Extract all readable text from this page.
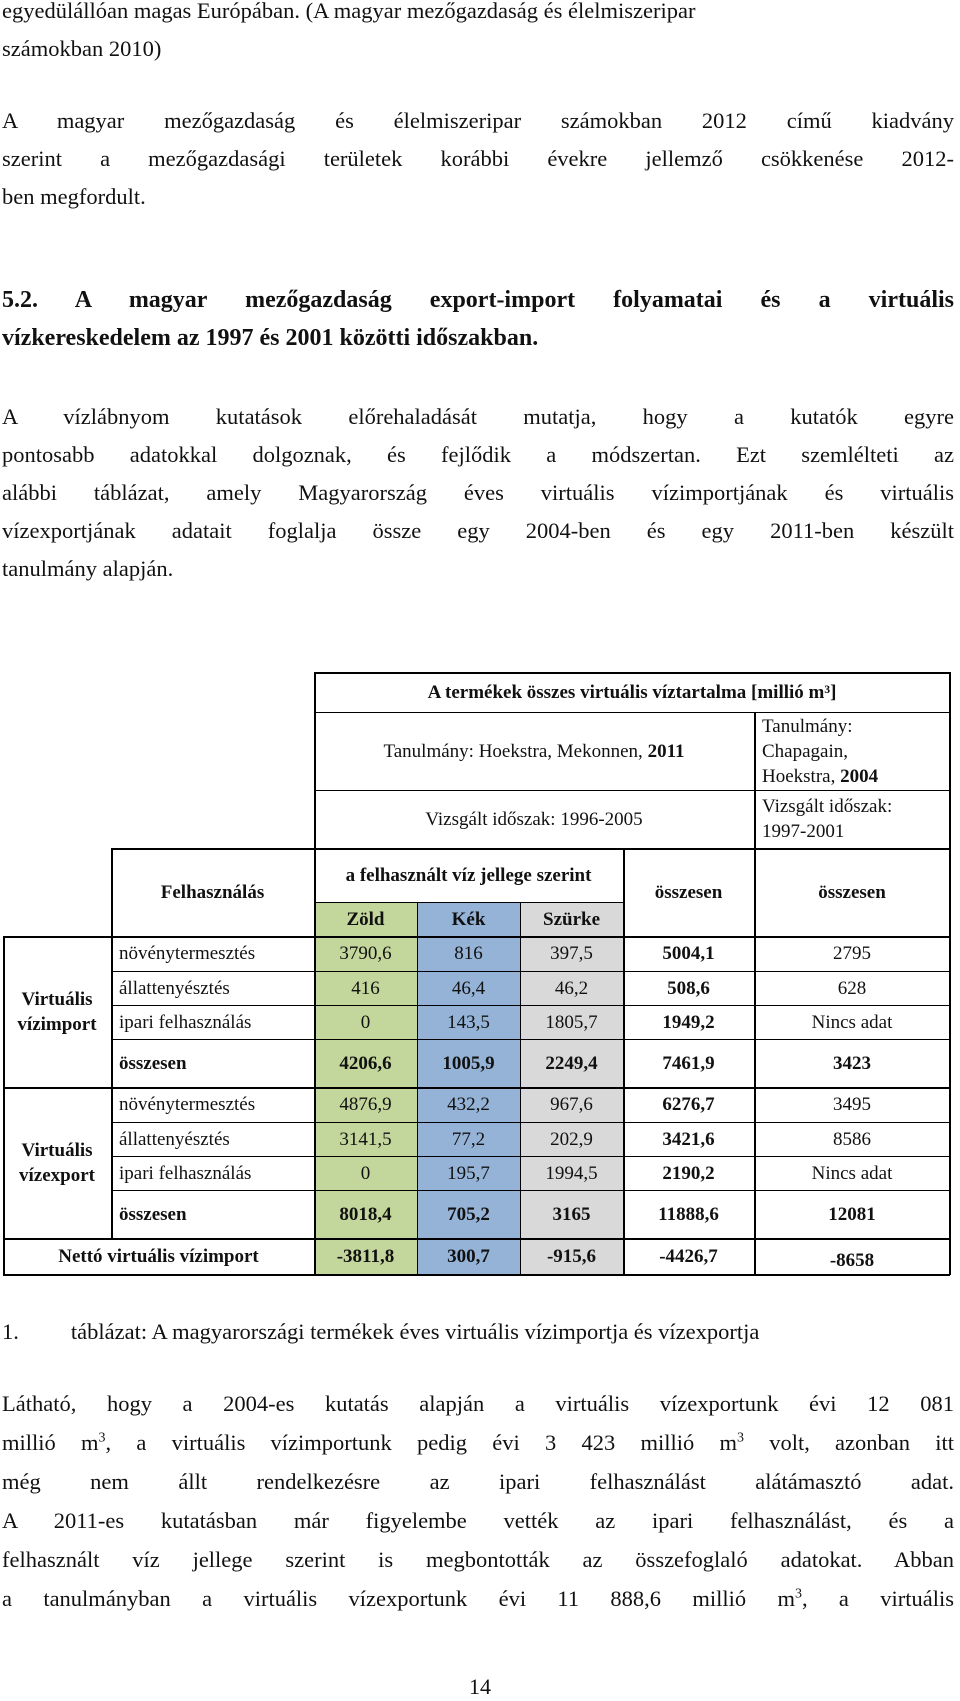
egyedülállóan magas Európában. (A magyar mezőgazdaság és élelmiszeripar
számokban 2010)
A magyar mezőgazdaság és élelmiszeripar számokban 2012 című kiadvány
szerint a mezőgazdasági területek korábbi évekre jellemző csökkenése 2012-
ben megfordult.
5.2. A magyar mezőgazdaság export-import folyamatai és a virtuális
vízkereskedelem az 1997 és 2001 közötti időszakban.
A vízlábnyom kutatások előrehaladását mutatja, hogy a kutatók egyre
pontosabb adatokkal dolgoznak, és fejlődik a módszertan. Ezt szemlélteti az
alábbi táblázat, amely Magyarország éves virtuális vízimportjának és virtuális
vízexportjának adatait foglalja össze egy 2004-ben és egy 2011-ben készült
tanulmány alapján.
A termékek összes virtuális víztartalma [millió m³]
Tanulmány: Hoekstra, Mekonnen, 2011
Tanulmány:
Chapagain,
Hoekstra, 2004
Vizsgált időszak: 1996-2005
Vizsgált időszak:
1997-2001
Felhasználás
a felhasznált víz jellege szerint
Zöld	Kék	Szürke
összesen	összesen
Virtuális
vízimport
Virtuális
vízexport
növénytermesztés	3790,6	816	397,5	5004,1	2795
állattenyésztés	416	46,4	46,2	508,6	628
ipari felhasználás	0	143,5	1805,7	1949,2	Nincs adat
összesen	4206,6	1005,9	2249,4	7461,9	3423
növénytermesztés	4876,9	432,2	967,6	6276,7	3495
állattenyésztés	3141,5	77,2	202,9	3421,6	8586
ipari felhasználás	0	195,7	1994,5	2190,2	Nincs adat
összesen	8018,4	705,2	3165	11888,6	12081
Nettó virtuális vízimport	-3811,8	300,7	-915,6	-4426,7	-8658
1. táblázat: A magyarországi termékek éves virtuális vízimportja és vízexportja
Látható, hogy a 2004-es kutatás alapján a virtuális vízexportunk évi 12 081
millió $m^3$, a virtuális vízimportunk pedig évi 3 423 millió $m^3$ volt, azonban itt
még nem állt rendelkezésre az ipari felhasználást alátámasztó adat.
A 2011-es kutatásban már figyelembe vették az ipari felhasználást, és a
felhasznált víz jellege szerint is megbontották az összefoglaló adatokat. Abban
a tanulmányban a virtuális vízexportunk évi 11 888,6 millió $m^3$, a virtuális
14
